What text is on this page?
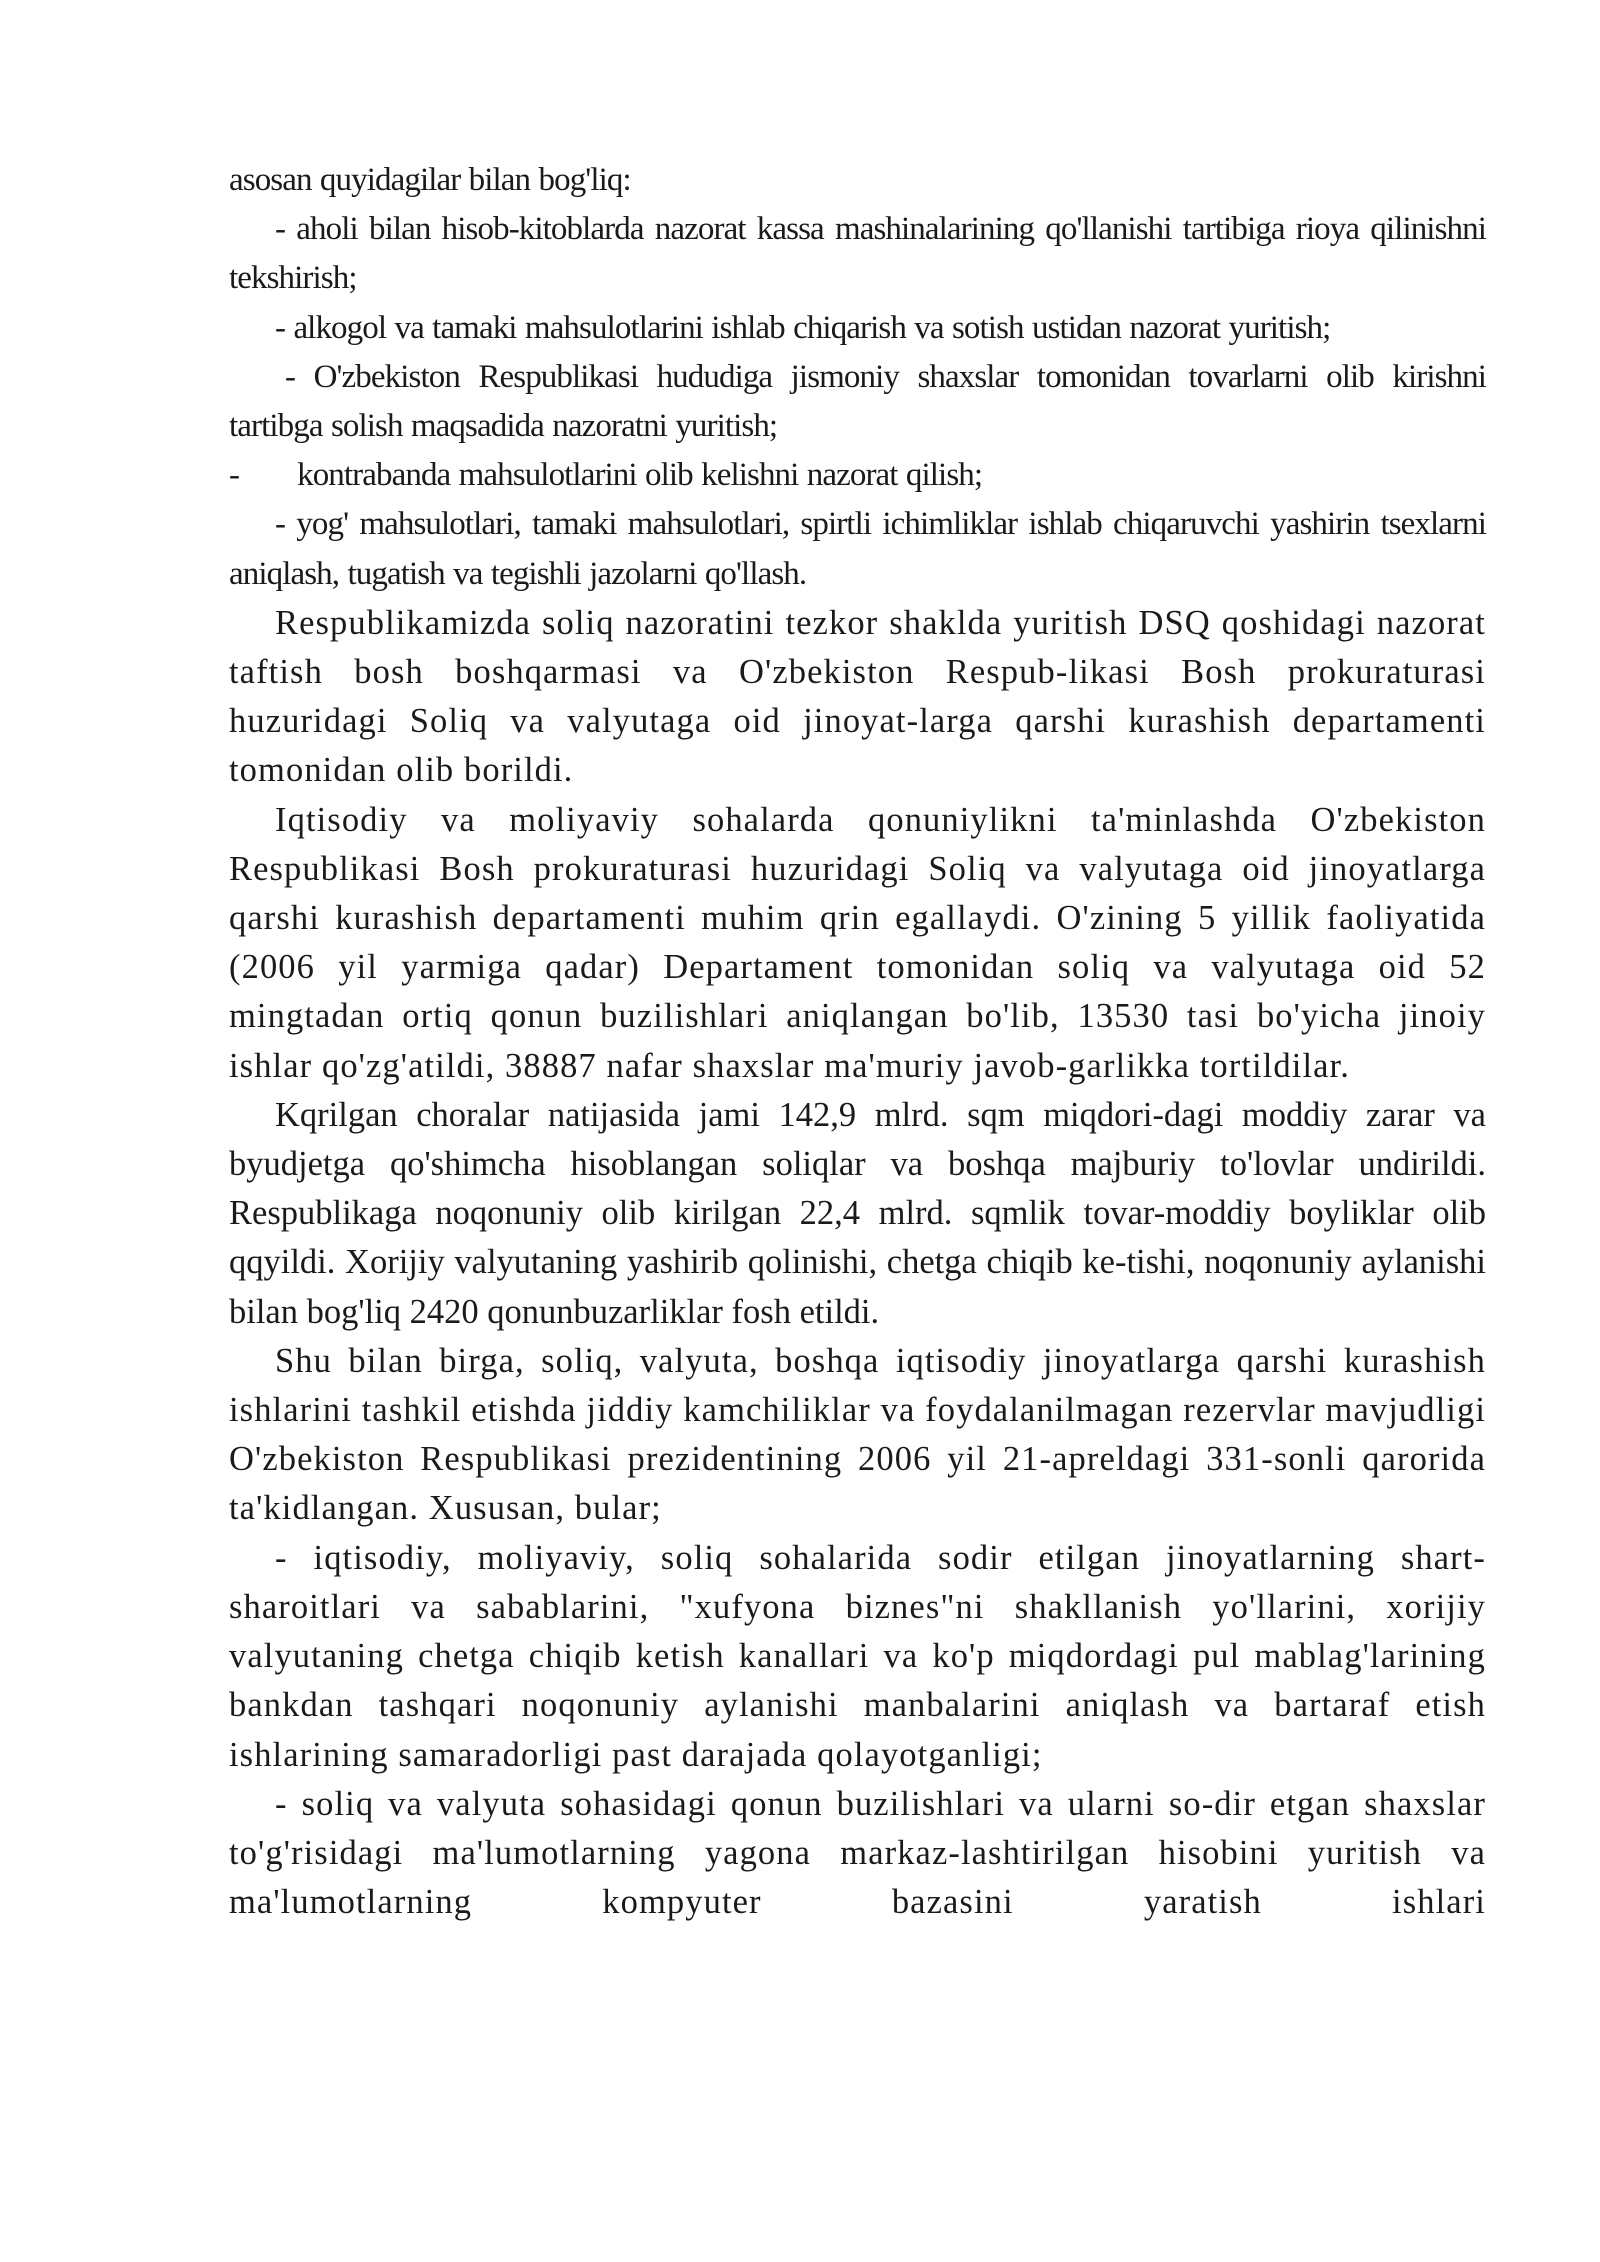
asosan quyidagilar bilan bog'liq:

- aholi bilan hisob-kitoblarda nazorat kassa mashinalarining qo'llanishi tartibiga rioya qilinishni tekshirish;

- alkogol va tamaki mahsulotlarini ishlab chiqarish va sotish ustidan nazorat yuritish;

- O'zbekiston Respublikasi hududiga jismoniy shaxslar tomonidan tovarlarni olib kirishni tartibga solish maqsadida nazoratni yuritish;

- kontrabanda mahsulotlarini olib kelishni nazorat qilish;

- yog' mahsulotlari, tamaki mahsulotlari, spirtli ichimliklar ishlab chiqaruvchi yashirin tsexlarni aniqlash, tugatish va tegishli jazolarni qo'llash.

Respublikamizda soliq nazoratini tezkor shaklda yuritish DSQ qoshidagi nazorat taftish bosh boshqarmasi va O'zbekiston Respub-likasi Bosh prokuraturasi huzuridagi Soliq va valyutaga oid jinoyat-larga qarshi kurashish departamenti tomonidan olib borildi.

Iqtisodiy va moliyaviy sohalarda qonuniylikni ta'minlashda O'zbekiston Respublikasi Bosh prokuraturasi huzuridagi Soliq va valyutaga oid jinoyatlarga qarshi kurashish departamenti muhim qrin egallaydi. O'zining 5 yillik faoliyatida (2006 yil yarmiga qadar) Departament tomonidan soliq va valyutaga oid 52 mingtadan ortiq qonun buzilishlari aniqlangan bo'lib, 13530 tasi bo'yicha jinoiy ishlar qo'zg'atildi, 38887 nafar shaxslar ma'muriy javob-garlikka tortildilar.

Kqrilgan choralar natijasida jami 142,9 mlrd. sqm miqdori-dagi moddiy zarar va byudjetga qo'shimcha hisoblangan soliqlar va boshqa majburiy to'lovlar undirildi. Respublikaga noqonuniy olib kirilgan 22,4 mlrd. sqmlik tovar-moddiy boyliklar olib qqyildi. Xorijiy valyutaning yashirib qolinishi, chetga chiqib ke-tishi, noqonuniy aylanishi bilan bog'liq 2420 qonunbuzarliklar fosh etildi.

Shu bilan birga, soliq, valyuta, boshqa iqtisodiy jinoyatlarga qarshi kurashish ishlarini tashkil etishda jiddiy kamchiliklar va foydalanilmagan rezervlar mavjudligi O'zbekiston Respublikasi prezidentining 2006 yil 21-apreldagi 331-sonli qarorida ta'kidlangan. Xususan, bular;

- iqtisodiy, moliyaviy, soliq sohalarida sodir etilgan jinoyatlarning shart-sharoitlari va sabablarini, "xufyona biznes"ni shakllanish yo'llarini, xorijiy valyutaning chetga chiqib ketish kanallari va ko'p miqdordagi pul mablag'larining bankdan tashqari noqonuniy aylanishi manbalarini aniqlash va bartaraf etish ishlarining samaradorligi past darajada qolayotganligi;

- soliq va valyuta sohasidagi qonun buzilishlari va ularni so-dir etgan shaxslar to'g'risidagi ma'lumotlarning yagona markaz-lashtirilgan hisobini yuritish va ma'lumotlarning kompyuter bazasini yaratish ishlari
